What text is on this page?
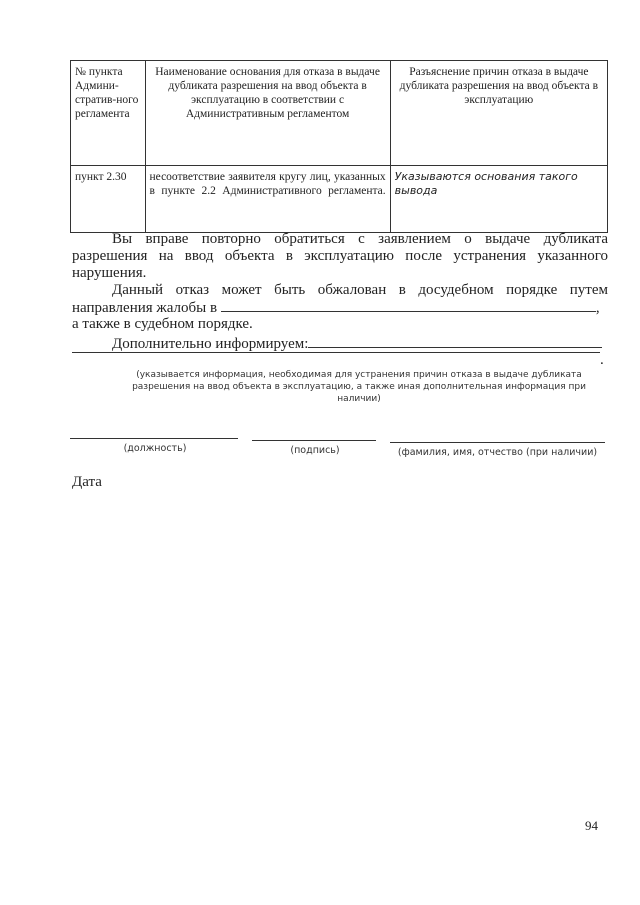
№ пункта Админи-стратив-ного регламента	Наименование основания для отказа в выдаче дубликата разрешения на ввод объекта в эксплуатацию в соответствии с Административным регламентом	Разъяснение причин отказа в выдаче дубликата разрешения на ввод объекта в эксплуатацию
пункт 2.30	несоответствие заявителя кругу лиц, указанных в пункте 2.2 Административного регламента.	Указываются основания такого вывода
Вы вправе повторно обратиться с заявлением о выдаче дубликата разрешения на ввод объекта в эксплуатацию после устранения указанного нарушения.
Данный отказ может быть обжалован в досудебном порядке путем направления жалобы в	,
а также в судебном порядке.
Дополнительно информируем:
.
(указывается информация, необходимая для устранения причин отказа в выдаче дубликата разрешения на ввод объекта в эксплуатацию, а также иная дополнительная информация при наличии)
(должность)	(подпись)	(фамилия, имя, отчество (при наличии)
Дата
94
